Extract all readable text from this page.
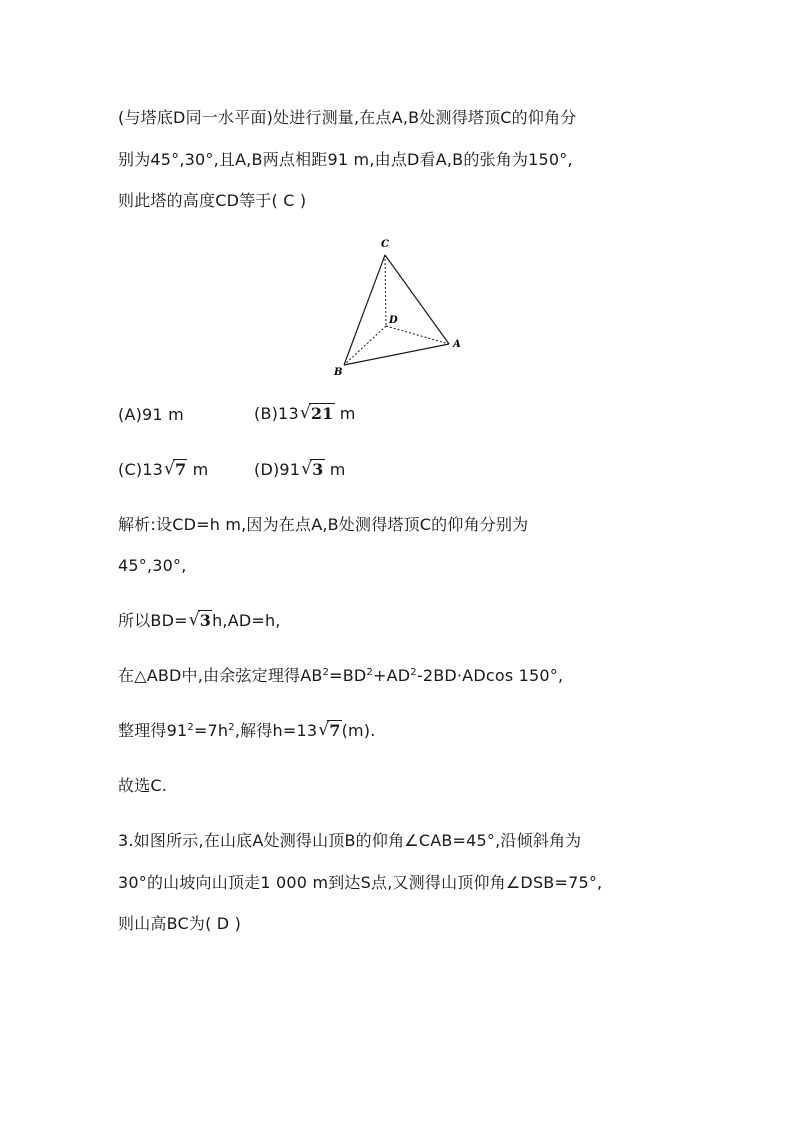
(与塔底D同一水平面)处进行测量,在点A,B处测得塔顶C的仰角分
别为45°,30°,且A,B两点相距91 m,由点D看A,B的张角为150°,
则此塔的高度CD等于( C )
C
D
A
B
(A)91 m	(B)13 √ 21 m
(C)13 √ 7 m	(D)91 √ 3 m
解析:设CD=h m,因为在点A,B处测得塔顶C的仰角分别为
45°,30°,
所以BD= √ 3h,AD=h,
在△ABD中,由余弦定理得$AB^2=BD^2+AD^2-2BD\cdot ADcos$ 150°,
整理得$91^2=7h^2$,解得h=13 √ 7(m).
故选C.
3.如图所示,在山底A处测得山顶B的仰角∠CAB=45°,沿倾斜角为
30°的山坡向山顶走1 000 m到达S点,又测得山顶仰角∠DSB=75°,
则山高BC为( D )
